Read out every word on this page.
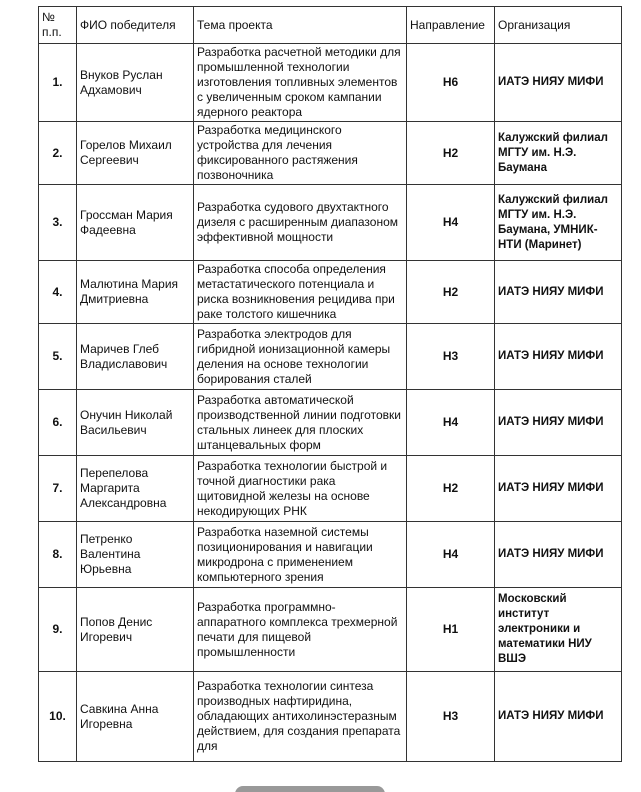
№ п.п.	ФИО победителя	Тема проекта	Направление	Организация
1.	Внуков Руслан Адхамович	Разработка расчетной методики для промышленной технологии изготовления топливных элементов с увеличенным сроком кампании ядерного реактора	Н6	ИАТЭ НИЯУ МИФИ
2.	Горелов Михаил Сергеевич	Разработка медицинского устройства для лечения фиксированного растяжения позвоночника	Н2	Калужский филиал МГТУ им. Н.Э. Баумана
3.	Гроссман Мария Фадеевна	Разработка судового двухтактного дизеля с расширенным диапазоном эффективной мощности	Н4	Калужский филиал МГТУ им. Н.Э. Баумана, УМНИК-НТИ (Маринет)
4.	Малютина Мария Дмитриевна	Разработка способа определения метастатического потенциала и риска возникновения рецидива при раке толстого кишечника	Н2	ИАТЭ НИЯУ МИФИ
5.	Маричев Глеб Владиславович	Разработка электродов для гибридной ионизационной камеры деления на основе технологии борирования сталей	Н3	ИАТЭ НИЯУ МИФИ
6.	Онучин Николай Васильевич	Разработка автоматической производственной линии подготовки стальных линеек для плоских штанцевальных форм	Н4	ИАТЭ НИЯУ МИФИ
7.	Перепелова Маргарита Александровна	Разработка технологии быстрой и точной диагностики рака щитовидной железы на основе некодирующих РНК	Н2	ИАТЭ НИЯУ МИФИ
8.	Петренко Валентина Юрьевна	Разработка наземной системы позиционирования и навигации микродрона с применением компьютерного зрения	Н4	ИАТЭ НИЯУ МИФИ
9.	Попов Денис Игоревич	Разработка программно-аппаратного комплекса трехмерной печати для пищевой промышленности	Н1	Московский институт электроники и математики НИУ ВШЭ
10.	Савкина Анна Игоревна	Разработка технологии синтеза производных нафтиридина, обладающих антихолинэстеразным действием, для создания препарата для	Н3	ИАТЭ НИЯУ МИФИ
